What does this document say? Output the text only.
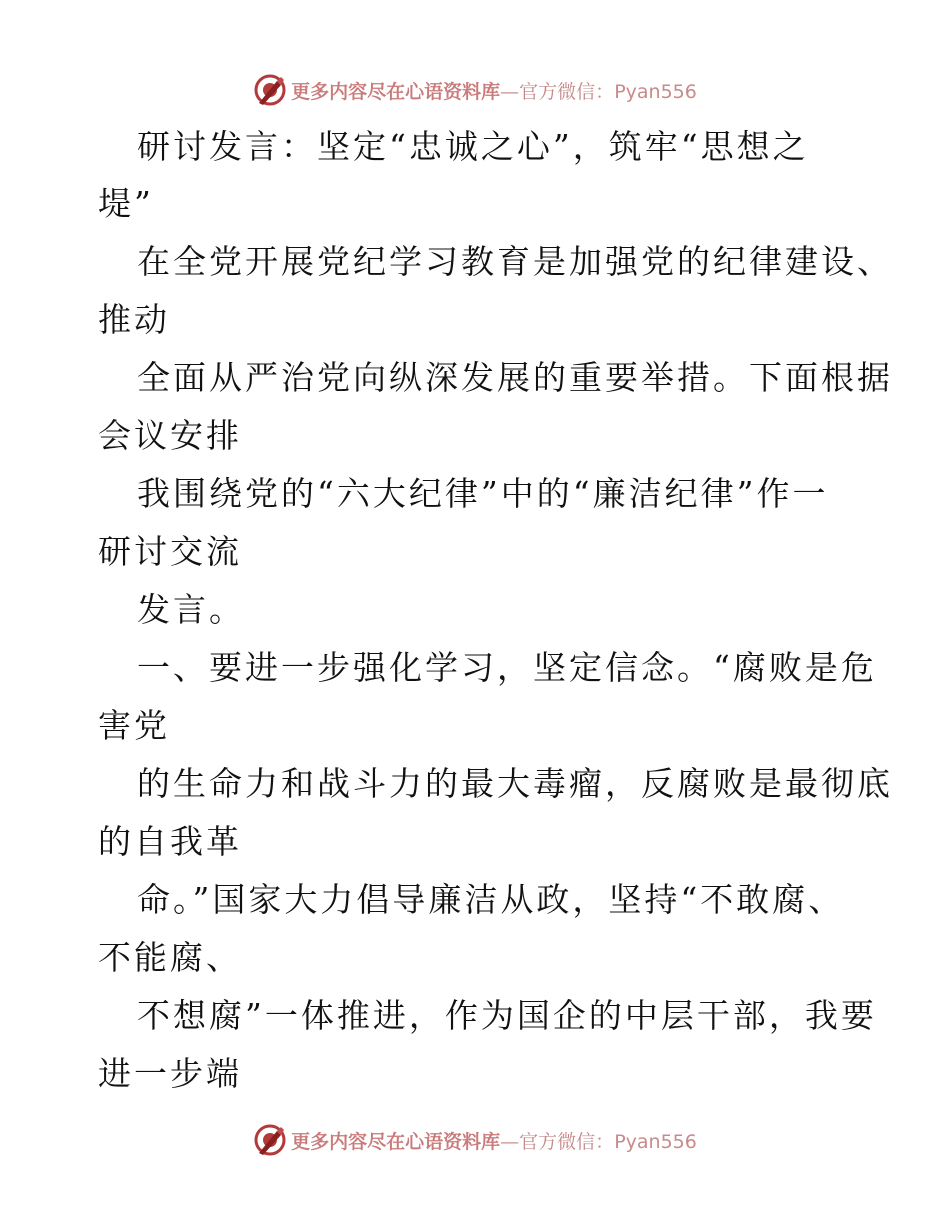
更多内容尽在心语资料库—官方微信：Pyan556
研讨发言：坚定“忠诚之心”，筑牢“思想之
堤”
在全党开展党纪学习教育是加强党的纪律建设、
推动
全面从严治党向纵深发展的重要举措。下面根据
会议安排
我围绕党的“六大纪律”中的“廉洁纪律”作一
研讨交流
发言。
一、要进一步强化学习，坚定信念。“腐败是危
害党
的生命力和战斗力的最大毒瘤，反腐败是最彻底
的自我革
命。”国家大力倡导廉洁从政，坚持“不敢腐、
不能腐、
不想腐”一体推进，作为国企的中层干部，我要
进一步端
更多内容尽在心语资料库—官方微信：Pyan556
